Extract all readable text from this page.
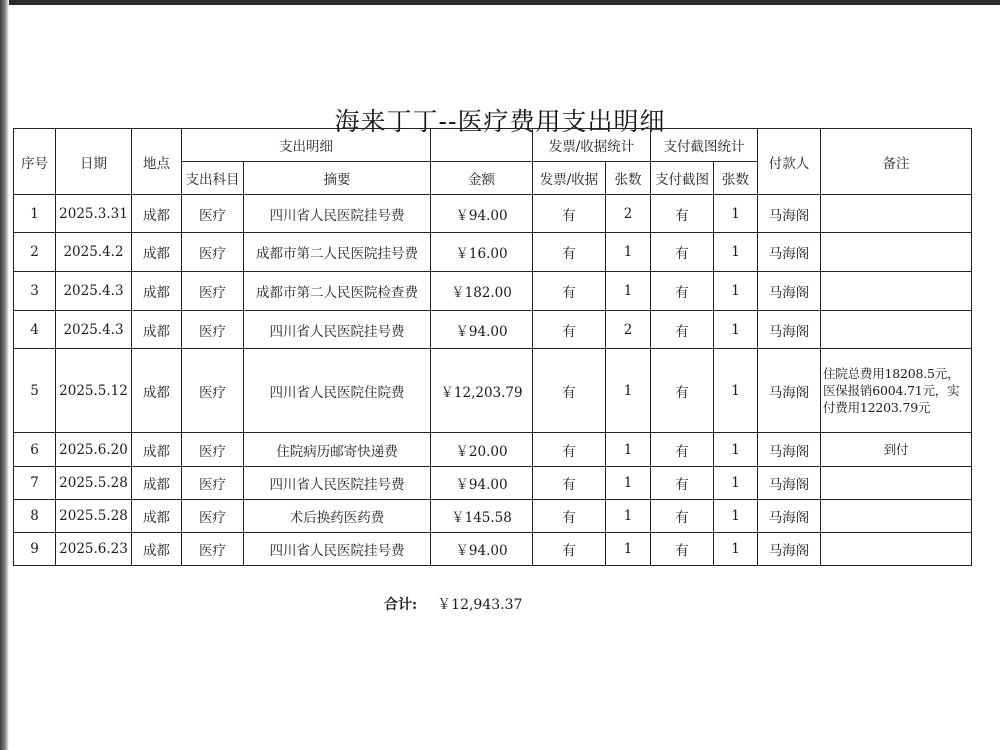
海来丁丁--医疗费用支出明细
序号	日期	地点	支出明细			发票/收据统计		支付截图统计		付款人	备注
			支出科目	摘要	金额	发票/收据	张数	支付截图	张数		
1	2025.3.31	成都	医疗	四川省人民医院挂号费	￥94.00	有	2	有	1	马海阁	
2	2025.4.2	成都	医疗	成都市第二人民医院挂号费	￥16.00	有	1	有	1	马海阁	
3	2025.4.3	成都	医疗	成都市第二人民医院检查费	￥182.00	有	1	有	1	马海阁	
4	2025.4.3	成都	医疗	四川省人民医院挂号费	￥94.00	有	2	有	1	马海阁	
5	2025.5.12	成都	医疗	四川省人民医院住院费	￥12,203.79	有	1	有	1	马海阁	住院总费用18208.5元，医保报销6004.71元，实付费用12203.79元
6	2025.6.20	成都	医疗	住院病历邮寄快递费	￥20.00	有	1	有	1	马海阁	到付
7	2025.5.28	成都	医疗	四川省人民医院挂号费	￥94.00	有	1	有	1	马海阁	
8	2025.5.28	成都	医疗	术后换药医药费	￥145.58	有	1	有	1	马海阁	
9	2025.6.23	成都	医疗	四川省人民医院挂号费	￥94.00	有	1	有	1	马海阁	
合计: ￥12,943.37
